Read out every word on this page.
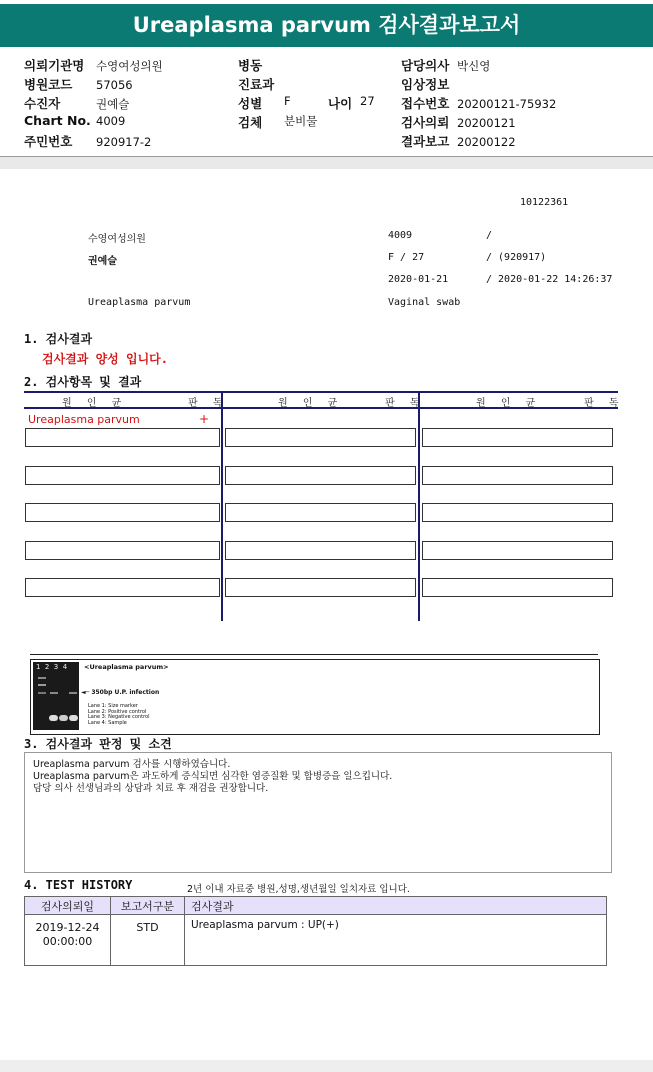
Ureaplasma parvum 검사결과보고서
의뢰기관명 수영여성의원
병원코드 57056
수진자	권예슬
Chart No. 4009
주민번호 920917-2
병동
진료과
성별 F	나이 27
검체 분비물
담당의사 박신영
임상정보
접수번호 20200121-75932
검사의뢰 20200121
결과보고 20200122
10122361
수영여성의원	4009	/
권예슬	F / 27	/ (920917)
2020-01-21	/ 2020-01-22 14:26:37
Ureaplasma parvum	Vaginal swab
1. 검사결과
검사결과 양성 입니다.
2. 검사항목 및 결과
원 인 균	판 독	원 인 균	판 독	원 인 균	판 독
Ureaplasma parvum	+
1  2  3  4	<Ureaplasma parvum>
◄─ 350bp U.P. infection
Lane 1: Size marker
Lane 2: Positive control
Lane 3: Negative control
Lane 4: Sample
3. 검사결과 판정 및 소견
Ureaplasma parvum 검사를 시행하였습니다.
Ureaplasma parvum은 과도하게 증식되면 심각한 염증질환 및 합병증을 일으킵니다.
담당 의사 선생님과의 상담과 치료 후 재검을 권장합니다.
4. TEST HISTORY	2년 이내 자료중 병원,성명,생년월일 일치자료 입니다.
검사의뢰일	보고서구분	검사결과

2019-12-24
00:00:00	STD	Ureaplasma parvum : UP(+)
